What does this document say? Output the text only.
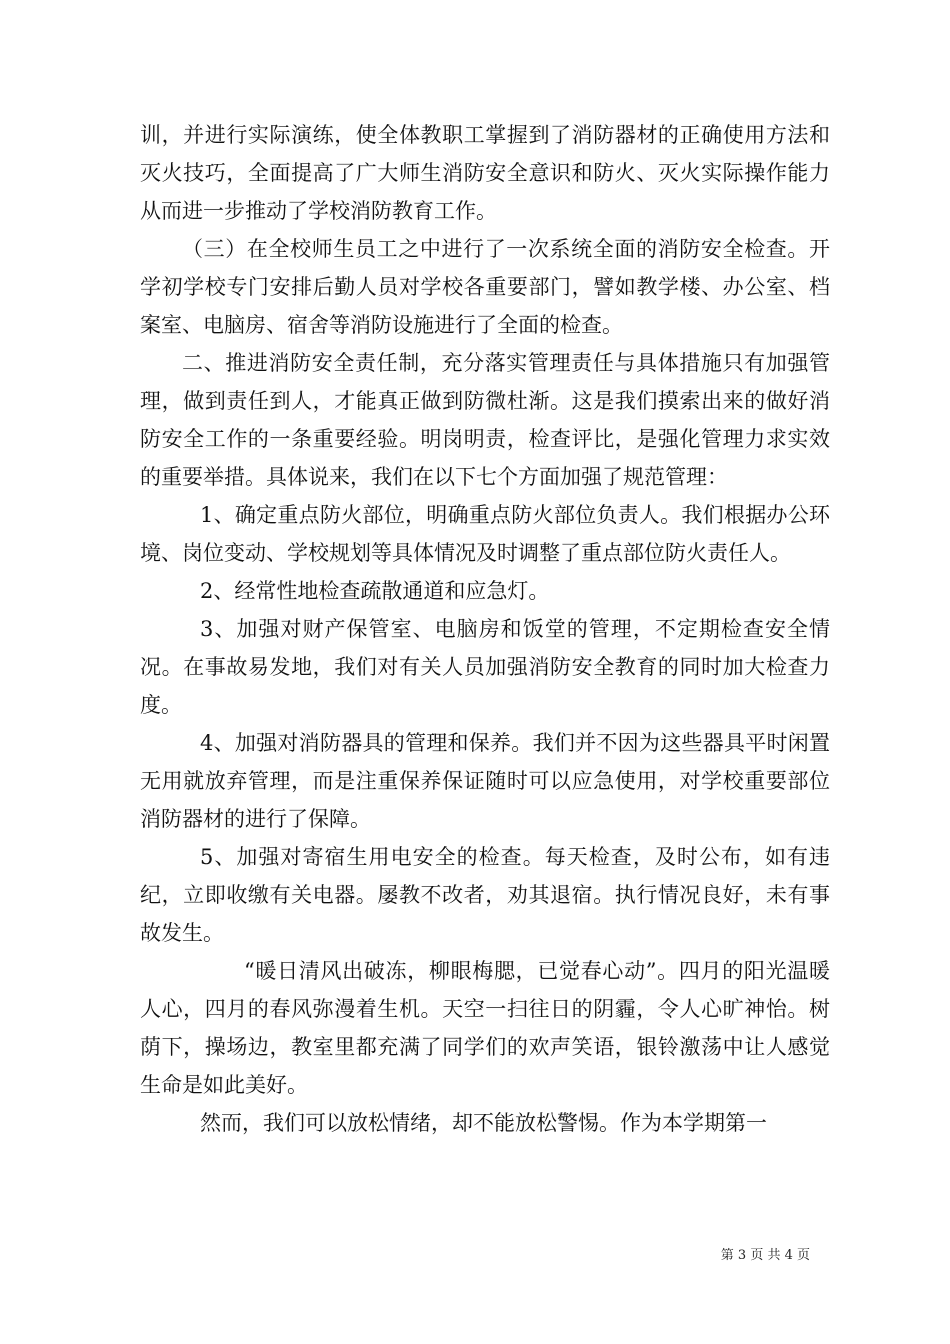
训，并进行实际演练，使全体教职工掌握到了消防器材的正确使用方法和灭火技巧，全面提高了广大师生消防安全意识和防火、灭火实际操作能力从而进一步推动了学校消防教育工作。

（三）在全校师生员工之中进行了一次系统全面的消防安全检查。开学初学校专门安排后勤人员对学校各重要部门，譬如教学楼、办公室、档案室、电脑房、宿舍等消防设施进行了全面的检查。

二、推进消防安全责任制，充分落实管理责任与具体措施只有加强管理，做到责任到人，才能真正做到防微杜渐。这是我们摸索出来的做好消防安全工作的一条重要经验。明岗明责，检查评比，是强化管理力求实效的重要举措。具体说来，我们在以下七个方面加强了规范管理：

1、确定重点防火部位，明确重点防火部位负责人。我们根据办公环境、岗位变动、学校规划等具体情况及时调整了重点部位防火责任人。

2、经常性地检查疏散通道和应急灯。

3、加强对财产保管室、电脑房和饭堂的管理，不定期检查安全情况。在事故易发地，我们对有关人员加强消防安全教育的同时加大检查力度。

4、加强对消防器具的管理和保养。我们并不因为这些器具平时闲置无用就放弃管理，而是注重保养保证随时可以应急使用，对学校重要部位消防器材的进行了保障。

5、加强对寄宿生用电安全的检查。每天检查，及时公布，如有违纪，立即收缴有关电器。屡教不改者，劝其退宿。执行情况良好，未有事故发生。

“暖日清风出破冻，柳眼梅腮，已觉春心动”。四月的阳光温暖人心，四月的春风弥漫着生机。天空一扫往日的阴霾，令人心旷神怡。树荫下，操场边，教室里都充满了同学们的欢声笑语，银铃激荡中让人感觉生命是如此美好。

然而，我们可以放松情绪，却不能放松警惕。作为本学期第一

第 3 页 共 4 页
